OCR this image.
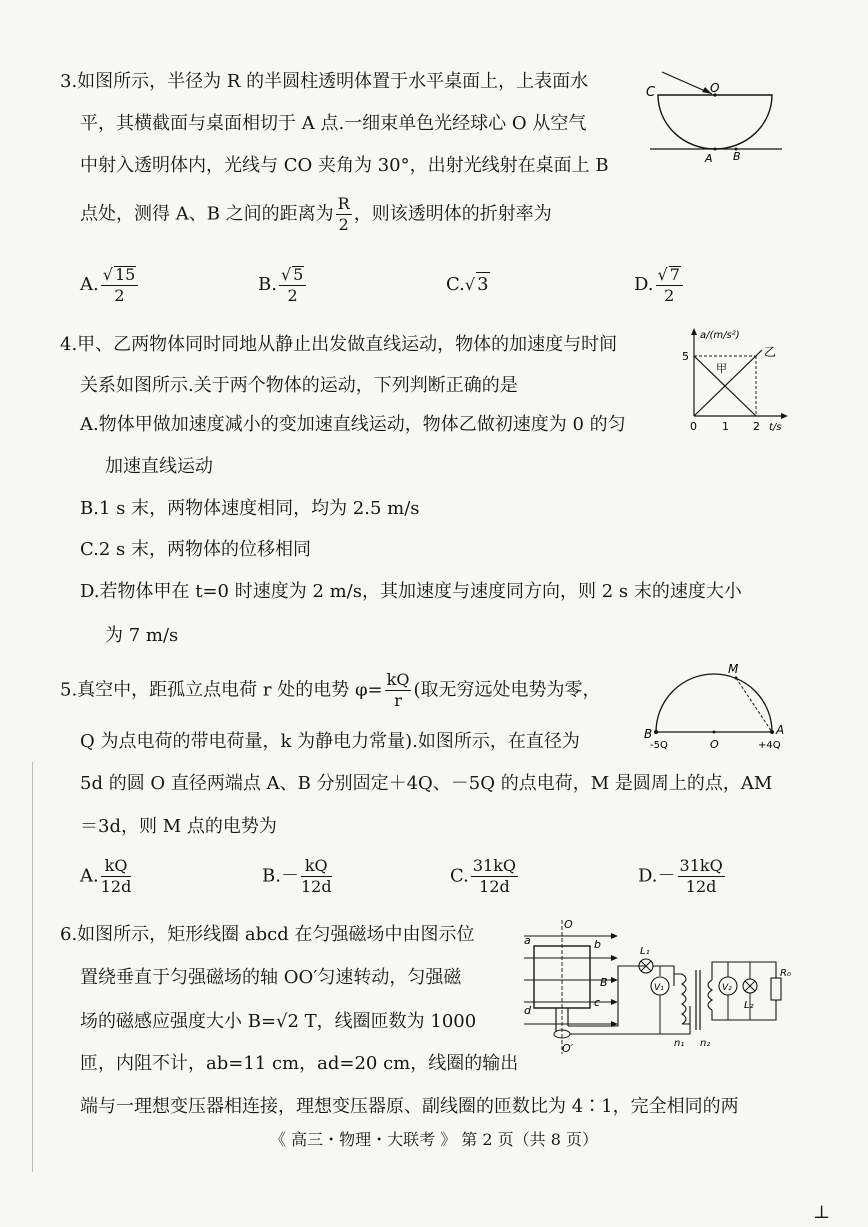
3.如图所示，半径为 R 的半圆柱透明体置于水平桌面上，上表面水
平，其横截面与桌面相切于 A 点.一细束单色光经球心 O 从空气
中射入透明体内，光线与 CO 夹角为 30°，出射光线射在桌面上 B
点处，测得 A、B 之间的距离为 $\frac{R}{2}$ ，则该透明体的折射率为
A. $\frac{√ 15}{2}$	B. $\frac{√ 5}{2}$	C.√ 3	D. $\frac{√ 7}{2}$
C	O
A B
4.甲、乙两物体同时同地从静止出发做直线运动，物体的加速度与时间
关系如图所示.关于两个物体的运动，下列判断正确的是
A.物体甲做加速度减小的变加速直线运动，物体乙做初速度为 0 的匀
加速直线运动
B.1 s 末，两物体速度相同，均为 2.5 m/s
C.2 s 末，两物体的位移相同
D.若物体甲在 t=0 时速度为 2 m/s，其加速度与速度同方向，则 2 s 末的速度大小
为 7 m/s
5
a/(m/s²)
0 1 2 t/s
甲
乙
5.真空中，距孤立点电荷 r 处的电势 $\varphi= \frac{kQ}{r}$ (取无穷远处电势为零，
Q 为点电荷的带电荷量，k 为静电力常量).如图所示，在直径为
5d 的圆 O 直径两端点 A、B 分别固定＋4Q、－5Q 的点电荷，M 是圆周上的点，AM
＝3d，则 M 点的电势为
A. $\frac{kQ}{12d}$	$B.- \frac{kQ}{12d}$	C. $\frac{31kQ}{12d}$	$D.- \frac{31kQ}{12d}$
M
B	A
O
-5Q	+4Q
6.如图所示，矩形线圈 abcd 在匀强磁场中由图示位
置绕垂直于匀强磁场的轴 OO′匀速转动，匀强磁
场的磁感应强度大小 B=√2 T，线圈匝数为 1000
匝，内阻不计，ab=11 cm，ad=20 cm，线圈的输出
端与一理想变压器相连接，理想变压器原、副线圈的匝数比为 4∶1，完全相同的两
O
O′
a	b
c
d
B
L₁
V₁	V₂
L₂
R₀
n₁ n₂
《 高三・物理・大联考 》 第 2 页（共 8 页）
⊥
